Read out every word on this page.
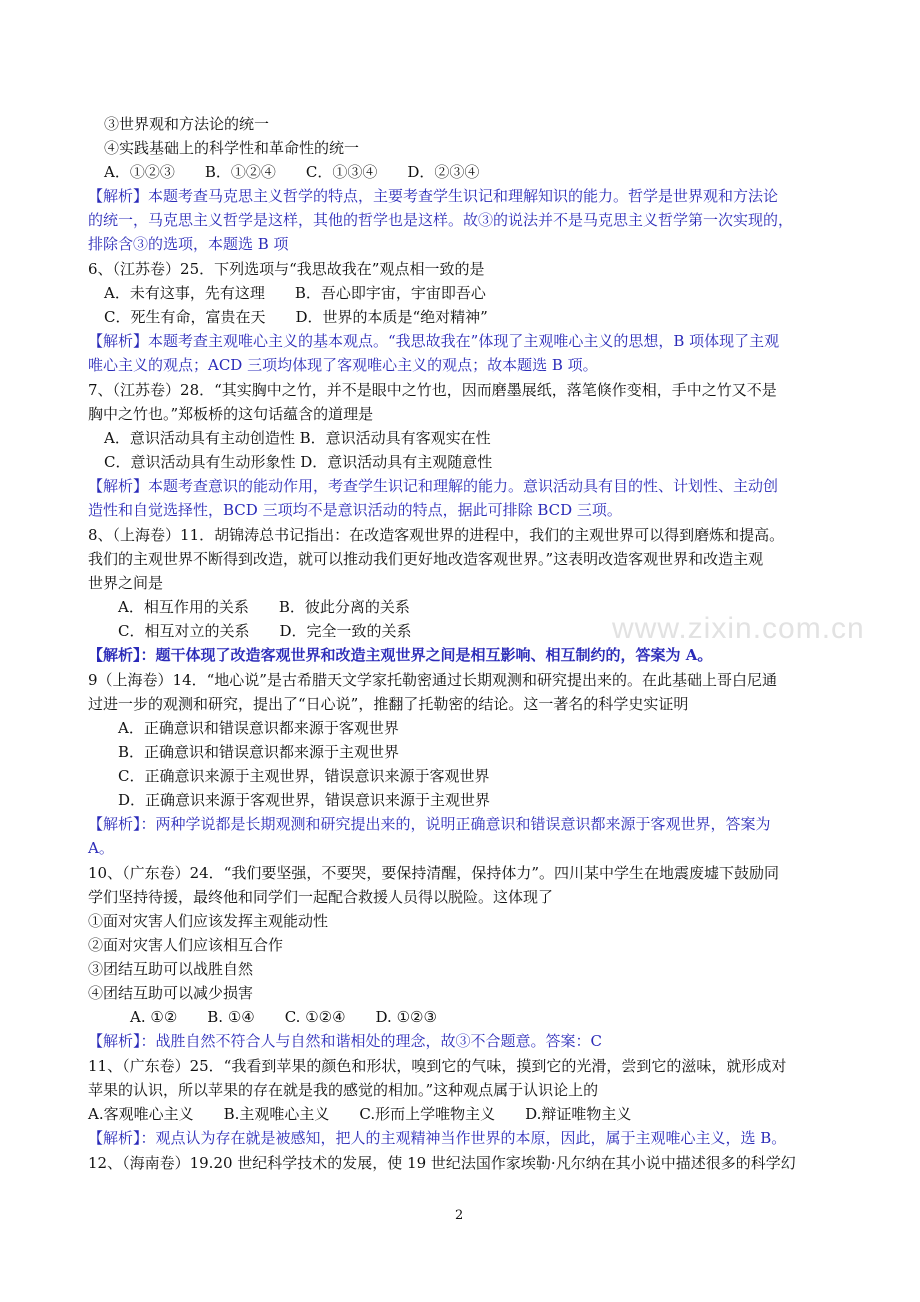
③世界观和方法论的统一
④实践基础上的科学性和革命性的统一
A．①②③　　B．①②④　　C．①③④　　D．②③④
【解析】本题考查马克思主义哲学的特点，主要考查学生识记和理解知识的能力。哲学是世界观和方法论
的统一，马克思主义哲学是这样，其他的哲学也是这样。故③的说法并不是马克思主义哲学第一次实现的，
排除含③的选项，本题选 B 项
6、（江苏卷）25．下列选项与“我思故我在”观点相一致的是
A．未有这事，先有这理　　B．吾心即宇宙，宇宙即吾心
C．死生有命，富贵在天　　D．世界的本质是“绝对精神”
【解析】本题考查主观唯心主义的基本观点。“我思故我在”体现了主观唯心主义的思想，B 项体现了主观
唯心主义的观点；ACD 三项均体现了客观唯心主义的观点；故本题选 B 项。
7、（江苏卷）28．“其实胸中之竹，并不是眼中之竹也，因而磨墨展纸，落笔倏作变相，手中之竹又不是
胸中之竹也。”郑板桥的这句话蕴含的道理是
A．意识活动具有主动创造性 B．意识活动具有客观实在性
C．意识活动具有生动形象性 D．意识活动具有主观随意性
【解析】本题考查意识的能动作用，考查学生识记和理解的能力。意识活动具有目的性、计划性、主动创
造性和自觉选择性，BCD 三项均不是意识活动的特点，据此可排除 BCD 三项。
8、（上海卷）11．胡锦涛总书记指出：在改造客观世界的进程中，我们的主观世界可以得到磨炼和提高。
我们的主观世界不断得到改造，就可以推动我们更好地改造客观世界。”这表明改造客观世界和改造主观
世界之间是
A．相互作用的关系　　B．彼此分离的关系
C．相互对立的关系　　D．完全一致的关系
【解析】：题干体现了改造客观世界和改造主观世界之间是相互影响、相互制约的，答案为 A。
9（上海卷）14．“地心说”是古希腊天文学家托勒密通过长期观测和研究提出来的。在此基础上哥白尼通
过进一步的观测和研究，提出了“日心说”，推翻了托勒密的结论。这一著名的科学史实证明
A．正确意识和错误意识都来源于客观世界
B．正确意识和错误意识都来源于主观世界
C．正确意识来源于主观世界，错误意识来源于客观世界
D．正确意识来源于客观世界，错误意识来源于主观世界
【解析】：两种学说都是长期观测和研究提出来的，说明正确意识和错误意识都来源于客观世界，答案为
A。
10、（广东卷）24．“我们要坚强，不要哭，要保持清醒，保持体力”。四川某中学生在地震废墟下鼓励同
学们坚持待援，最终他和同学们一起配合救援人员得以脱险。这体现了
①面对灾害人们应该发挥主观能动性
②面对灾害人们应该相互合作
③团结互助可以战胜自然
④团结互助可以减少损害
A. ①②　　B. ①④　　C. ①②④　　D. ①②③
【解析】：战胜自然不符合人与自然和谐相处的理念，故③不合题意。答案：C
11、（广东卷）25．“我看到苹果的颜色和形状，嗅到它的气味，摸到它的光滑，尝到它的滋味，就形成对
苹果的认识，所以苹果的存在就是我的感觉的相加。”这种观点属于认识论上的
A.客观唯心主义　　B.主观唯心主义　　C.形而上学唯物主义　　D.辩证唯物主义
【解析】：观点认为存在就是被感知，把人的主观精神当作世界的本原，因此，属于主观唯心主义，选 B。
12、（海南卷）19.20 世纪科学技术的发展，使 19 世纪法国作家埃勒·凡尔纳在其小说中描述很多的科学幻
www.zixin.com.cn
2
